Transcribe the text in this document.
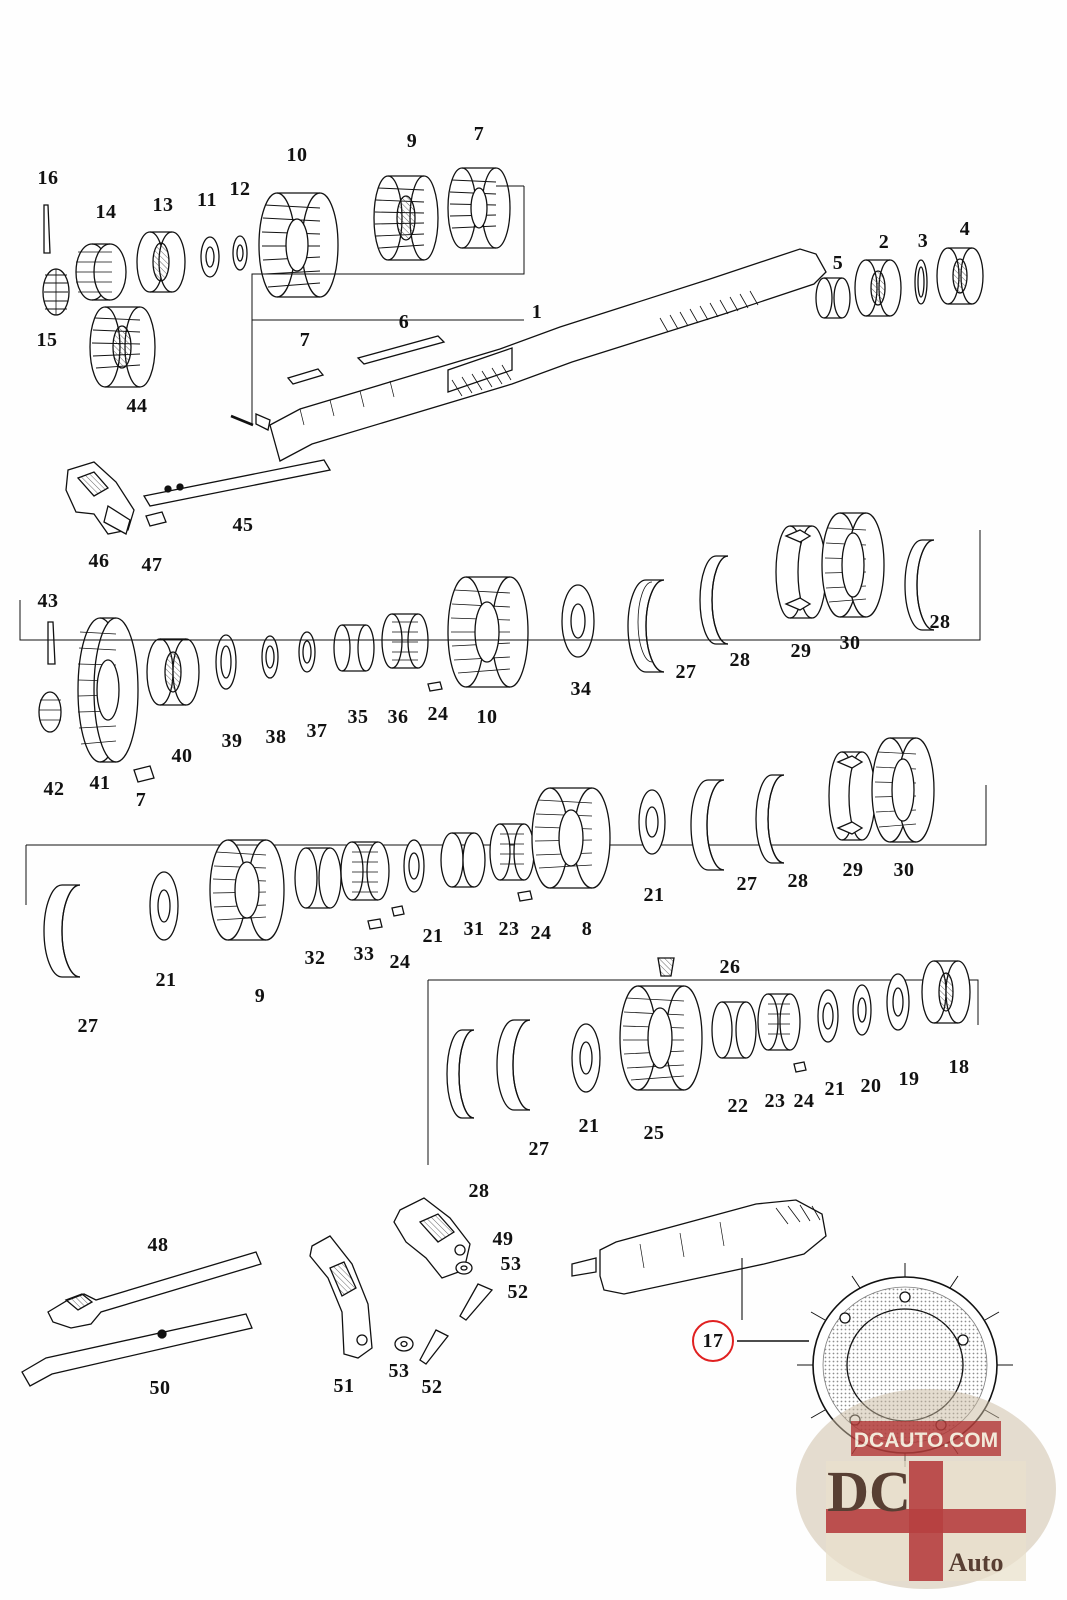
16
14 13 11 12
10
9	7
15
44
5
2 3
4
7
6	1
46 47
45
43
42 41
7
40
39 38 37
35 36 24 10
34
27
28 29 30
28
27
21
9
32 33 24
21 31 23 24 8
21	27 28 29 30
26
28
27
21 25
22 23 24
21 20 19
18
49
53
52
48
50	51
53
52
17
DCAUTO.COM
DC
Auto
